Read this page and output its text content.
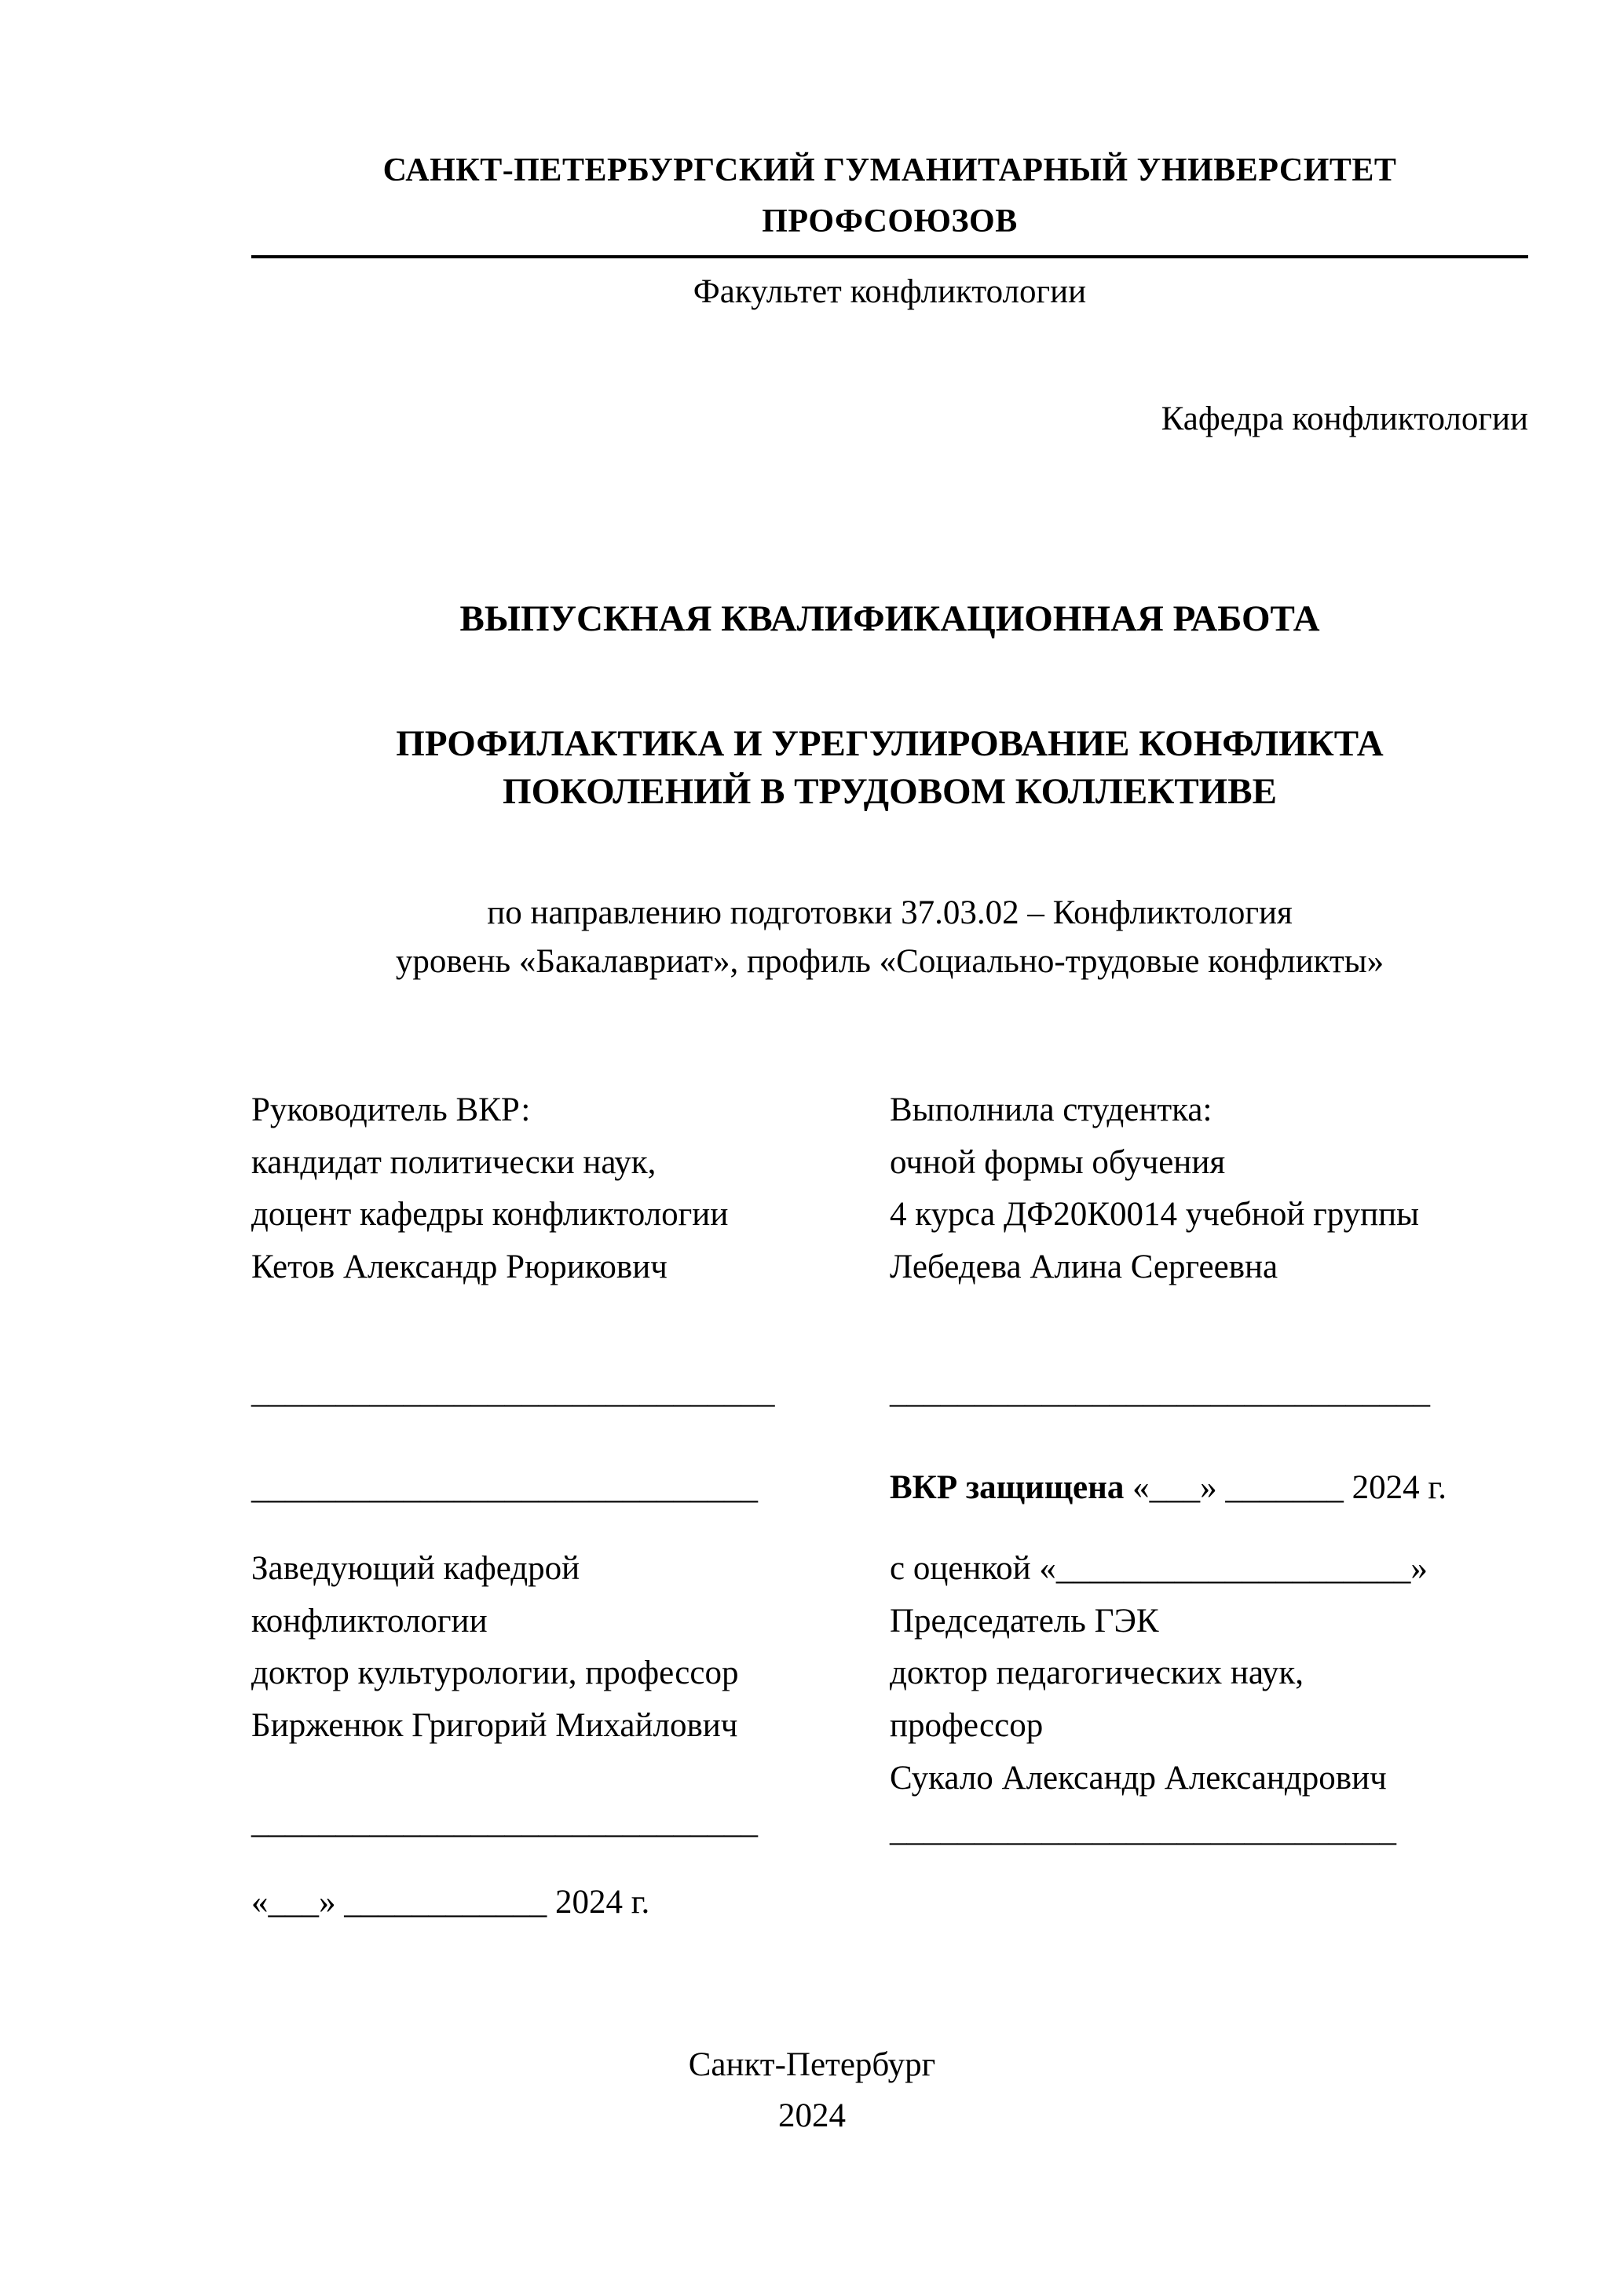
САНКТ-ПЕТЕРБУРГСКИЙ ГУМАНИТАРНЫЙ УНИВЕРСИТЕТ ПРОФСОЮЗОВ
Факультет конфликтологии
Кафедра конфликтологии
ВЫПУСКНАЯ КВАЛИФИКАЦИОННАЯ РАБОТА
ПРОФИЛАКТИКА И УРЕГУЛИРОВАНИЕ КОНФЛИКТА
ПОКОЛЕНИЙ В ТРУДОВОМ КОЛЛЕКТИВЕ
по направлению подготовки 37.03.02 – Конфликтология
уровень «Бакалавриат», профиль «Социально-трудовые конфликты»
Руководитель ВКР:
кандидат политически наук,
доцент кафедры конфликтологии
Кетов Александр Рюрикович
_______________________________
______________________________
Заведующий кафедрой
конфликтологии
доктор культурологии, профессор
Бирженюк Григорий Михайлович
______________________________
«___» ____________ 2024 г.
Выполнила студентка:
очной формы обучения
4 курса ДФ20К0014 учебной группы
Лебедева Алина Сергеевна
________________________________
ВКР защищена «___» _______ 2024 г.
с оценкой «_____________________»
Председатель ГЭК
доктор педагогических наук,
профессор
Сукало Александр Александрович
______________________________
Санкт-Петербург
2024
